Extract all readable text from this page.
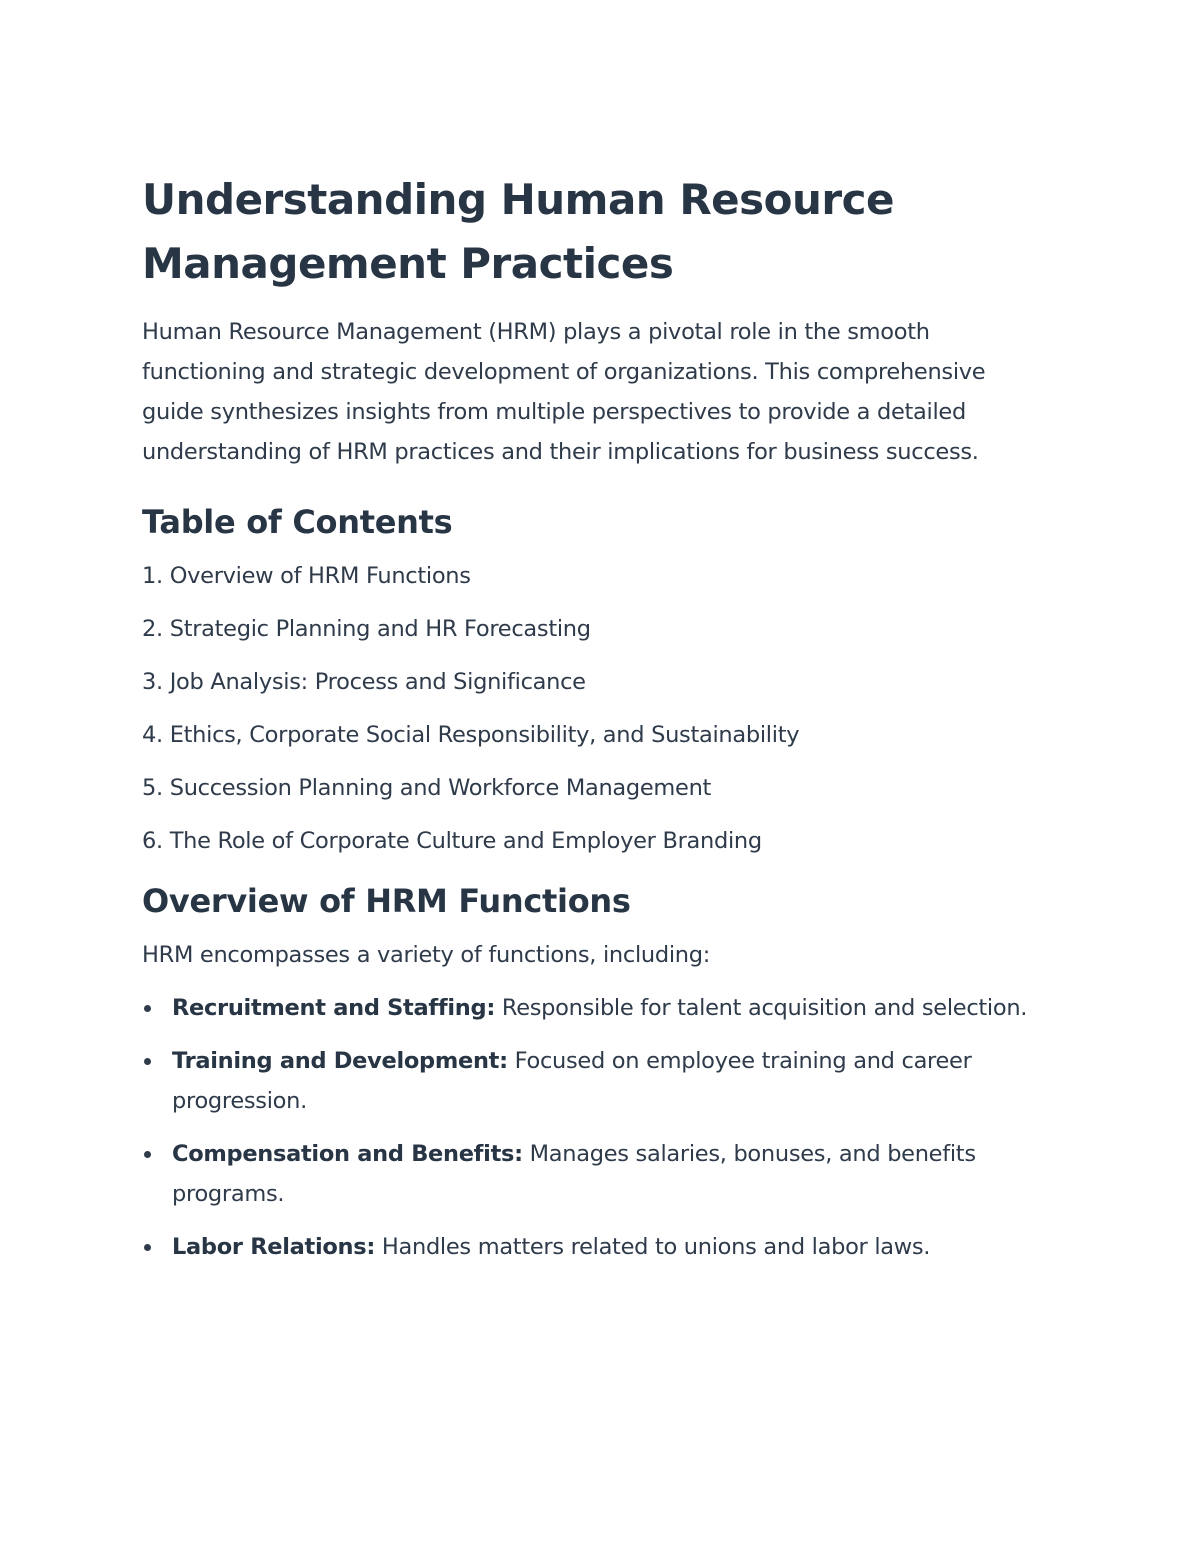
Understanding Human Resource Management Practices

Human Resource Management (HRM) plays a pivotal role in the smooth functioning and strategic development of organizations. This comprehensive guide synthesizes insights from multiple perspectives to provide a detailed understanding of HRM practices and their implications for business success.

Table of Contents
1. Overview of HRM Functions
2. Strategic Planning and HR Forecasting
3. Job Analysis: Process and Significance
4. Ethics, Corporate Social Responsibility, and Sustainability
5. Succession Planning and Workforce Management
6. The Role of Corporate Culture and Employer Branding
Overview of HRM Functions

HRM encompasses a variety of functions, including:

Recruitment and Staffing: Responsible for talent acquisition and selection.
Training and Development: Focused on employee training and career progression.
Compensation and Benefits: Manages salaries, bonuses, and benefits programs.
Labor Relations: Handles matters related to unions and labor laws.
